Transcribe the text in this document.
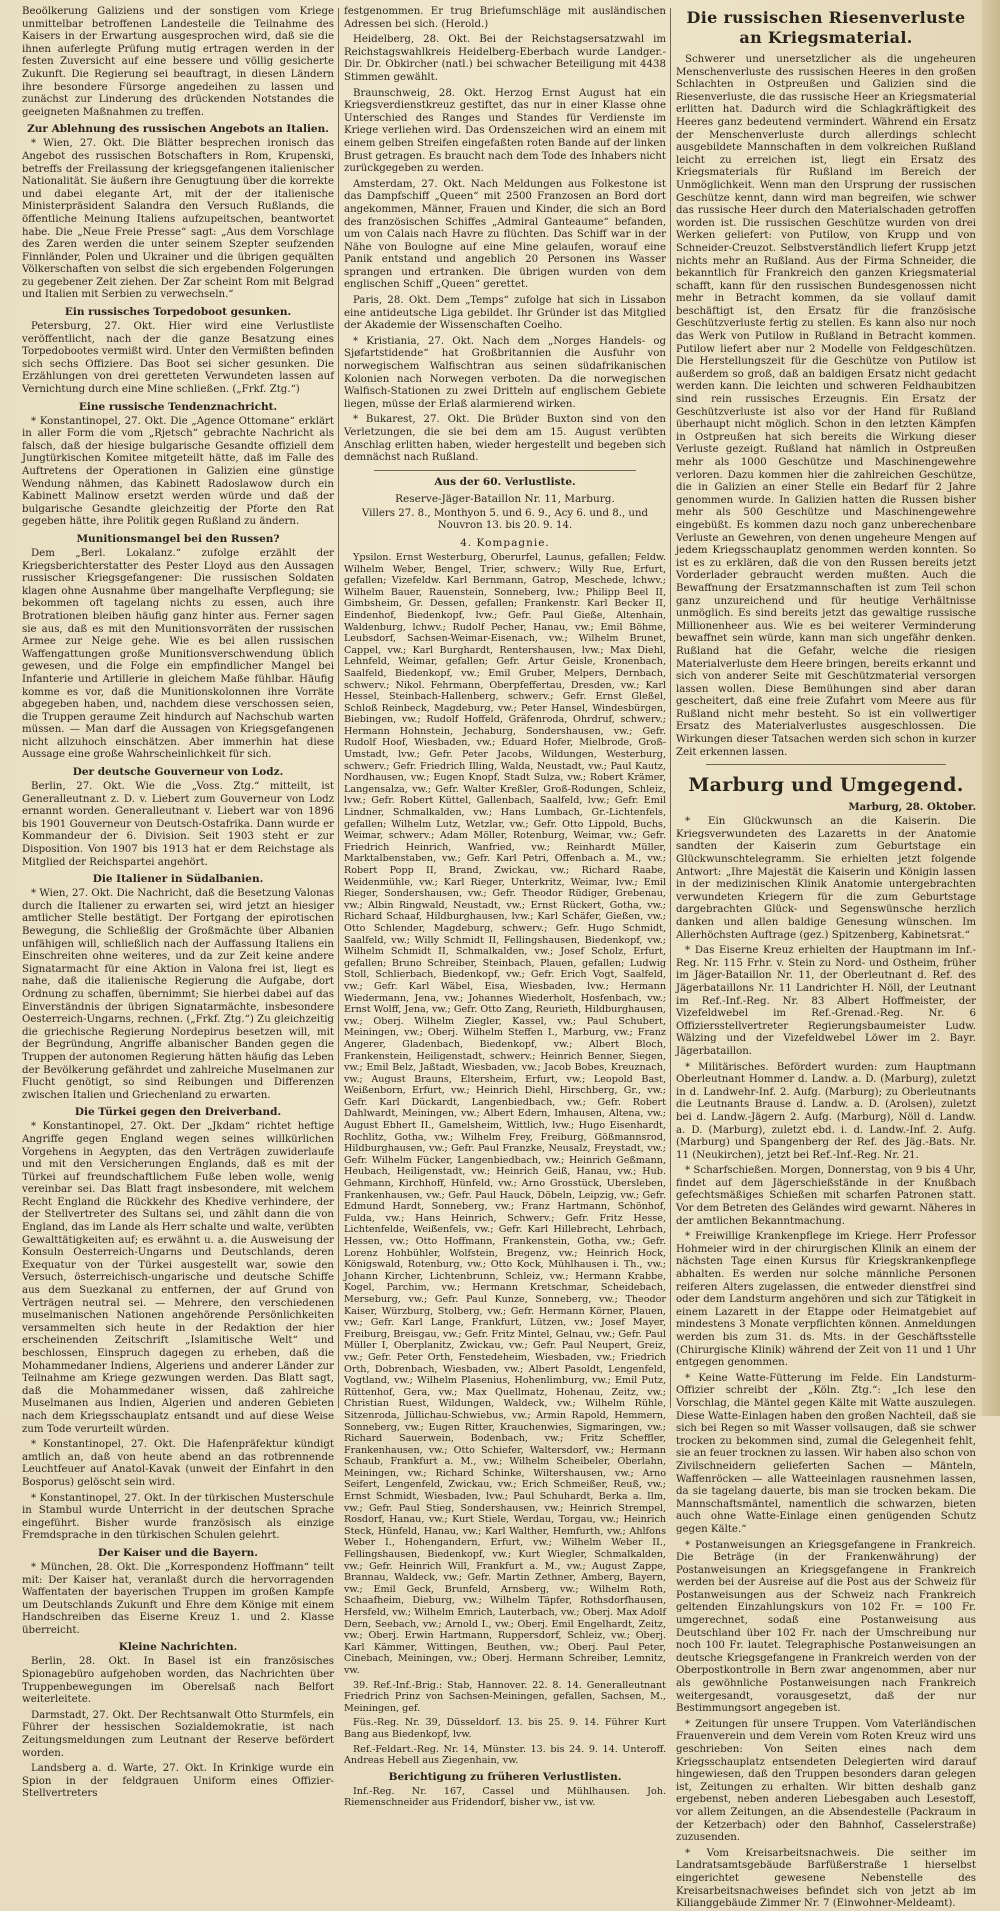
Beoölkerung Galiziens und der sonstigen vom Kriege unmittelbar betroffenen Landesteile die Teilnahme des Kaisers in der Erwartung ausgesprochen wird, daß sie die ihnen auferlegte Prüfung mutig ertragen werden in der festen Zuversicht auf eine bessere und völlig gesicherte Zukunft. Die Regierung sei beauftragt, in diesen Ländern ihre besondere Fürsorge angedeihen zu lassen und zunächst zur Linderung des drückenden Notstandes die geeigneten Maßnahmen zu treffen.

Zur Ablehnung des russischen Angebots an Italien.

* Wien, 27. Okt. Die Blätter besprechen ironisch das Angebot des russischen Botschafters in Rom, Krupenski, betreffs der Freilassung der kriegsgefangenen italienischer Nationalität. Sie äußern ihre Genugtuung über die korrekte und dabei elegante Art, mit der der italienische Ministerpräsident Salandra den Versuch Rußlands, die öffentliche Meinung Italiens aufzupeitschen, beantwortet habe. Die „Neue Freie Presse“ sagt: „Aus dem Vorschlage des Zaren werden die unter seinem Szepter seufzenden Finnländer, Polen und Ukrainer und die übrigen gequälten Völkerschaften von selbst die sich ergebenden Folgerungen zu gegebener Zeit ziehen. Der Zar scheint Rom mit Belgrad und Italien mit Serbien zu verwechseln.“

Ein russisches Torpedoboot gesunken.

Petersburg, 27. Okt. Hier wird eine Verlustliste veröffentlicht, nach der die ganze Besatzung eines Torpedobootes vermißt wird. Unter den Vermißten befinden sich sechs Offiziere. Das Boot sei sicher gesunken. Die Erzählungen von drei geretteten Verwundeten lassen auf Vernichtung durch eine Mine schließen. („Frkf. Ztg.“)

Eine russische Tendenznachricht.

* Konstantinopel, 27. Okt. Die „Agence Ottomane“ erklärt in aller Form die vom „Rjetsch“ gebrachte Nachricht als falsch, daß der hiesige bulgarische Gesandte offiziell dem Jungtürkischen Komitee mitgeteilt hätte, daß im Falle des Auftretens der Operationen in Galizien eine günstige Wendung nähmen, das Kabinett Radoslawow durch ein Kabinett Malinow ersetzt werden würde und daß der bulgarische Gesandte gleichzeitig der Pforte den Rat gegeben hätte, ihre Politik gegen Rußland zu ändern.

Munitionsmangel bei den Russen?

Dem „Berl. Lokalanz.“ zufolge erzählt der Kriegsberichterstatter des Pester Lloyd aus den Aussagen russischer Kriegsgefangener: Die russischen Soldaten klagen ohne Ausnahme über mangelhafte Verpflegung; sie bekommen oft tagelang nichts zu essen, auch ihre Brotrationen bleiben häufig ganz hinter aus. Ferner sagen sie aus, daß es mit den Munitionsvorräten der russischen Armee zur Neige gehe. Wie es bei allen russischen Waffengattungen große Munitionsverschwendung üblich gewesen, und die Folge ein empfindlicher Mangel bei Infanterie und Artillerie in gleichem Maße fühlbar. Häufig komme es vor, daß die Munitionskolonnen ihre Vorräte abgegeben haben, und, nachdem diese verschossen seien, die Truppen geraume Zeit hindurch auf Nachschub warten müssen. — Man darf die Aussagen von Kriegsgefangenen nicht allzuhoch einschätzen. Aber immerhin hat diese Aussage eine große Wahrscheinlichkeit für sich.

Der deutsche Gouverneur von Lodz.

Berlin, 27. Okt. Wie die „Voss. Ztg.“ mitteilt, ist Generalleutnant z. D. v. Liebert zum Gouverneur von Lodz ernannt worden. Generalleutnant v. Liebert war von 1896 bis 1901 Gouverneur von Deutsch-Ostafrika. Dann wurde er Kommandeur der 6. Division. Seit 1903 steht er zur Disposition. Von 1907 bis 1913 hat er dem Reichstage als Mitglied der Reichspartei angehört.

Die Italiener in Südalbanien.

* Wien, 27. Okt. Die Nachricht, daß die Besetzung Valonas durch die Italiener zu erwarten sei, wird jetzt an hiesiger amtlicher Stelle bestätigt. Der Fortgang der epirotischen Bewegung, die Schließlig der Großmächte über Albanien unfähigen will, schließlich nach der Auffassung Italiens ein Einschreiten ohne weiteres, und da zur Zeit keine andere Signatarmacht für eine Aktion in Valona frei ist, liegt es nahe, daß die italienische Regierung die Aufgabe, dort Ordnung zu schaffen, übernimmt; Sie hierbei dabei auf das Einverständnis der übrigen Signatarmächte, insbesondere Oesterreich-Ungarns, rechnen. („Frkf. Ztg.“) Zu gleichzeitig die griechische Regierung Nordepirus besetzen will, mit der Begründung, Angriffe albanischer Banden gegen die Truppen der autonomen Regierung hätten häufig das Leben der Bevölkerung gefährdet und zahlreiche Muselmanen zur Flucht genötigt, so sind Reibungen und Differenzen zwischen Italien und Griechenland zu erwarten.

Die Türkei gegen den Dreiverband.

* Konstantinopel, 27. Okt. Der „Jkdam“ richtet heftige Angriffe gegen England wegen seines willkürlichen Vorgehens in Aegypten, das den Verträgen zuwiderlaufe und mit den Versicherungen Englands, daß es mit der Türkei auf freundschaftlichem Fuße leben wolle, wenig vereinbar sei. Das Blatt fragt insbesondere, mit welchem Recht England die Rückkehr des Khedive verhindere, der der Stellvertreter des Sultans sei, und zählt dann die von England, das im Lande als Herr schalte und walte, verübten Gewalttätigkeiten auf; es erwähnt u. a. die Ausweisung der Konsuln Oesterreich-Ungarns und Deutschlands, deren Exequatur von der Türkei ausgestellt war, sowie den Versuch, österreichisch-ungarische und deutsche Schiffe aus dem Suezkanal zu entfernen, der auf Grund von Verträgen neutral sei. — Mehrere, den verschiedenen muselmanischen Nationen angehörende Persönlichkeiten versammelten sich heute in der Redaktion der hier erscheinenden Zeitschrift „Islamitische Welt“ und beschlossen, Einspruch dagegen zu erheben, daß die Mohammedaner Indiens, Algeriens und anderer Länder zur Teilnahme am Kriege gezwungen werden. Das Blatt sagt, daß die Mohammedaner wissen, daß zahlreiche Muselmanen aus Indien, Algerien und anderen Gebieten nach dem Kriegsschauplatz entsandt und auf diese Weise zum Tode verurteilt würden.

* Konstantinopel, 27. Okt. Die Hafenpräfektur kündigt amtlich an, daß von heute abend an das rotbrennende Leuchtfeuer auf Anatol-Kavak (unweit der Einfahrt in den Bosporus) gelöscht sein wird.

* Konstantinopel, 27. Okt. In der türkischen Musterschule in Stambul wurde Unterricht in der deutschen Sprache eingeführt. Bisher wurde französisch als einzige Fremdsprache in den türkischen Schulen gelehrt.

Der Kaiser und die Bayern.

* München, 28. Okt. Die „Korrespondenz Hoffmann“ teilt mit: Der Kaiser hat, veranlaßt durch die hervorragenden Waffentaten der bayerischen Truppen im großen Kampfe um Deutschlands Zukunft und Ehre dem Könige mit einem Handschreiben das Eiserne Kreuz 1. und 2. Klasse überreicht.

Kleine Nachrichten.

Berlin, 28. Okt. In Basel ist ein französisches Spionagebüro aufgehoben worden, das Nachrichten über Truppenbewegungen im Oberelsaß nach Belfort weiterleitete.

Darmstadt, 27. Okt. Der Rechtsanwalt Otto Sturmfels, ein Führer der hessischen Sozialdemokratie, ist nach Zeitungsmeldungen zum Leutnant der Reserve befördert worden.

Landsberg a. d. Warte, 27. Okt. In Krinkige wurde ein Spion in der feldgrauen Uniform eines Offizier-Stellvertreters

festgenommen. Er trug Briefumschläge mit ausländischen Adressen bei sich. (Herold.)

Heidelberg, 28. Okt. Bei der Reichstagsersatzwahl im Reichstagswahlkreis Heidelberg-Eberbach wurde Landger.-Dir. Dr. Obkircher (natl.) bei schwacher Beteiligung mit 4438 Stimmen gewählt.

Braunschweig, 28. Okt. Herzog Ernst August hat ein Kriegsverdienstkreuz gestiftet, das nur in einer Klasse ohne Unterschied des Ranges und Standes für Verdienste im Kriege verliehen wird. Das Ordenszeichen wird an einem mit einem gelben Streifen eingefaßten roten Bande auf der linken Brust getragen. Es braucht nach dem Tode des Inhabers nicht zurückgegeben zu werden.

Amsterdam, 27. Okt. Nach Meldungen aus Folkestone ist das Dampfschiff „Queen“ mit 2500 Franzosen an Bord dort angekommen, Männer, Frauen und Kinder, die sich an Bord des französischen Schiffes „Admiral Ganteaume“ befanden, um von Calais nach Havre zu flüchten. Das Schiff war in der Nähe von Boulogne auf eine Mine gelaufen, worauf eine Panik entstand und angeblich 20 Personen ins Wasser sprangen und ertranken. Die übrigen wurden von dem englischen Schiff „Queen“ gerettet.

Paris, 28. Okt. Dem „Temps“ zufolge hat sich in Lissabon eine antideutsche Liga gebildet. Ihr Gründer ist das Mitglied der Akademie der Wissenschaften Coelho.

* Kristiania, 27. Okt. Nach dem „Norges Handels- og Sjøfartstidende“ hat Großbritannien die Ausfuhr von norwegischem Walfischtran aus seinen südafrikanischen Kolonien nach Norwegen verboten. Da die norwegischen Walfisch-Stationen zu zwei Dritteln auf englischem Gebiete liegen, müsse der Erlaß alarmierend wirken.

* Bukarest, 27. Okt. Die Brüder Buxton sind von den Verletzungen, die sie bei dem am 15. August verübten Anschlag erlitten haben, wieder hergestellt und begeben sich demnächst nach Rußland.

Aus der 60. Verlustliste.
Reserve-Jäger-Bataillon Nr. 11, Marburg.

Villers 27. 8., Monthyon 5. und 6. 9., Acy 6. und 8., und Nouvron 13. bis 20. 9. 14.

4. Kompagnie.

Ypsilon. Ernst Westerburg, Oberurfel, Launus, gefallen; Feldw. Wilhelm Weber, Bengel, Trier, schwerv.; Willy Rue, Erfurt, gefallen; Vizefeldw. Karl Bernmann, Gatrop, Meschede, lchwv.; Wilhelm Bauer, Rauenstein, Sonneberg, lvw.; Philipp Beel II, Gimbsheim, Gr. Dessen, gefallen; Frankenstr. Karl Becker II, Eindenhof, Biedenkopf, lvw.; Gefr. Paul Gieße, Altenhain, Waldenburg, lchwv.; Rudolf Pecher, Hanau, vw.; Emil Böhme, Leubsdorf, Sachsen-Weimar-Eisenach, vw.; Wilhelm Brunet, Cappel, vw.; Karl Burghardt, Rentershausen, lvw.; Max Diehl, Lehnfeld, Weimar, gefallen; Gefr. Artur Geisle, Kronenbach, Saalfeld, Biedenkopf, vw.; Emil Gruber, Melpers, Dernbach, schwerv.; Nikol. Fehrmann, Oberpfeffertau, Dresden, vw.; Karl Hessel, Steinbach-Hallenberg, schwerv.; Gefr. Ernst Gleßel, Schloß Reinbeck, Magdeburg, vw.; Peter Hansel, Windesbürgen, Biebingen, vw.; Rudolf Hoffeld, Gräfenroda, Ohrdruf, schwerv.; Hermann Hohnstein, Jechaburg, Sondershausen, vw.; Gefr. Rudolf Hoof, Wiesbaden, vw.; Eduard Hofer, Mielbrode, Groß-Umstadt, lvw.; Gefr. Peter Jacobs, Wildungen, Westerburg, schwerv.; Gefr. Friedrich Illing, Walda, Neustadt, vw.; Paul Kautz, Nordhausen, vw.; Eugen Knopf, Stadt Sulza, vw.; Robert Krämer, Langensalza, vw.; Gefr. Walter Kreßler, Groß-Rodungen, Schleiz, lvw.; Gefr. Robert Küttel, Gallenbach, Saalfeld, lvw.; Gefr. Emil Lindner, Schmalkalden, vw.; Hans Lumbach, Gr.-Lichtenfels, gefallen; Wilhelm Lutz, Wetzlar, vw.; Gefr. Otto Lippold, Buchs, Weimar, schwerv.; Adam Möller, Rotenburg, Weimar, vw.; Gefr. Friedrich Heinrich, Wanfried, vw.; Reinhardt Müller, Marktalbenstaben, vw.; Gefr. Karl Petri, Offenbach a. M., vw.; Robert Popp II, Brand, Zwickau, vw.; Richard Raabe, Weidenmühle, vw.; Karl Rieger, Unterkritz, Weimar, lvw.; Emil Rieger, Sondershausen, vw.; Gefr. Theodor Rüdiger, Grebenau, vw.; Albin Ringwald, Neustadt, vw.; Ernst Rückert, Gotha, vw.; Richard Schaaf, Hildburghausen, lvw.; Karl Schäfer, Gießen, vw.; Otto Schlender, Magdeburg, schwerv.; Gefr. Hugo Schmidt, Saalfeld, vw.; Willy Schmidt II, Fellingshausen, Biedenkopf, vw.; Wilhelm Schmidt II, Schmalkalden, vw.; Josef Scholz, Erfurt, gefallen; Bruno Schreiber, Steinbach, Plauen, gefallen; Ludwig Stoll, Schlierbach, Biedenkopf, vw.; Gefr. Erich Vogt, Saalfeld, vw.; Gefr. Karl Wäbel, Eisa, Wiesbaden, lvw.; Hermann Wiedermann, Jena, vw.; Johannes Wiederholt, Hosfenbach, vw.; Ernst Wolff, Jena, vw.; Gefr. Otto Zang, Reurieth, Hildburghausen, vw.; Oberj. Wilhelm Ziegler, Kassel, vw.; Paul Schubert, Meiningen, vw.; Oberj. Wilhelm Steffen I., Marburg, vw.; Franz Angerer, Gladenbach, Biedenkopf, vw.; Albert Bloch, Frankenstein, Heiligenstadt, schwerv.; Heinrich Benner, Siegen, vw.; Emil Belz, Jaßtadt, Wiesbaden, vw.; Jacob Bobes, Kreuznach, vw.; August Brauns, Eltersheim, Erfurt, vw.; Leopold Bast, Weißenborn, Erfurt, vw.; Heinrich Diehl, Hirschberg, Gr., vw.; Gefr. Karl Dückardt, Langenbiedbach, vw.; Gefr. Robert Dahlwardt, Meiningen, vw.; Albert Edern, Imhausen, Altena, vw.; August Ebhert II., Gamelsheim, Wittlich, lvw.; Hugo Eisenhardt, Rochlitz, Gotha, vw.; Wilhelm Frey, Freiburg, Gößmannsrod, Hildburghausen, vw.; Gefr. Paul Franzke, Neusalz, Freystadt, vw.; Gefr. Wilhelm Fücker, Langenbiedbach, vw.; Heinrich Geßmann, Heubach, Heiligenstadt, vw.; Heinrich Geiß, Hanau, vw.; Hub. Gehmann, Kirchhoff, Hünfeld, vw.; Arno Grosstück, Ubersleben, Frankenhausen, vw.; Gefr. Paul Hauck, Döbeln, Leipzig, vw.; Gefr. Edmund Hardt, Sonneberg, vw.; Franz Hartmann, Schönhof, Fulda, vw.; Hans Heinrich, Schwerv.; Gefr. Fritz Hesse, Lichtenfelde, Weißenfels, vw.; Gefr. Karl Hillebrecht, Lehrbach, Hessen, vw.; Otto Hoffmann, Frankenstein, Gotha, vw.; Gefr. Lorenz Hohbühler, Wolfstein, Bregenz, vw.; Heinrich Hock, Königswald, Rotenburg, vw.; Otto Kock, Mühlhausen i. Th., vw.; Johann Kircher, Lichtenbrunn, Schleiz, vw.; Hermann Krabbe, Kogel, Parchim, vw.; Hermann Kretschmar, Scheidebach, Merseburg, vw.; Gefr. Paul Kunze, Sonneberg, vw.; Theodor Kaiser, Würzburg, Stolberg, vw.; Gefr. Hermann Körner, Plauen, vw.; Gefr. Karl Lange, Frankfurt, Lützen, vw.; Josef Mayer, Freiburg, Breisgau, vw.; Gefr. Fritz Mintel, Gelnau, vw.; Gefr. Paul Müller I, Oberplanitz, Zwickau, vw.; Gefr. Paul Neupert, Greiz, vw.; Gefr. Peter Orth, Fenstedeheim, Wiesbaden, vw.; Friedrich Orth, Dobrenbach, Wiesbaden, vw.; Albert Pasoldt, Lengenfeld, Vogtland, vw.; Wilhelm Plasenius, Hohenlimburg, vw.; Emil Putz, Rüttenhof, Gera, vw.; Max Quellmatz, Hohenau, Zeitz, vw.; Christian Ruest, Wildungen, Waldeck, vw.; Wilhelm Rühle, Sitzenroda, Jüllichau-Schwiebus, vw.; Armin Rapold, Hemmern, Sonneberg, vw.; Eugen Ritter, Krauchenwies, Sigmaringen, vw.; Richard Sauerwein, Bodenbach, vw.; Fritz Scheffler, Frankenhausen, vw.; Otto Schiefer, Waltersdorf, vw.; Hermann Schaub, Frankfurt a. M., vw.; Wilhelm Scheibeler, Oberlahn, Meiningen, vw.; Richard Schinke, Wiltershausen, vw.; Arno Seifert, Lengenfeld, Zwickau, vw.; Erich Schmeißer, Reuß, vw.; Ernst Schmidt, Wiesbaden, lvw.; Paul Schuhardt, Berka a. Ilm, vw.; Gefr. Paul Stieg, Sondershausen, vw.; Heinrich Strempel, Rosdorf, Hanau, vw.; Kurt Stiele, Werdau, Torgau, vw.; Heinrich Steck, Hünfeld, Hanau, vw.; Karl Walther, Hemfurth, vw.; Ahlfons Weber I., Hohengandern, Erfurt, vw.; Wilhelm Weber II., Fellingshausen, Biedenkopf, vw.; Kurt Wiegler, Schmalkalden, vw.; Gefr. Heinrich Will, Frankfurt a. M., vw.; August Zappe, Brannau, Waldeck, vw.; Gefr. Martin Zethner, Amberg, Bayern, vw.; Emil Geck, Brunfeld, Arnsberg, vw.; Wilhelm Roth, Schaafheim, Dieburg, vw.; Wilhelm Täpfer, Rothsdorfhausen, Hersfeld, vw.; Wilhelm Emrich, Lauterbach, vw.; Oberj. Max Adolf Dern, Seebach, vw.; Arnold I., vw.; Oberj. Emil Engelhardt, Zeitz, vw.; Oberj. Erwin Hartmann, Ruppersdorf, Schleiz, vw.; Oberj. Karl Kämmer, Wittingen, Beuthen, vw.; Oberj. Paul Peter, Cinebach, Meiningen, vw.; Oberj. Hermann Schreiber, Lemnitz, vw.

39. Ref.-Inf.-Brig.: Stab, Hannover. 22. 8. 14. Generalleutnant Friedrich Prinz von Sachsen-Meiningen, gefallen, Sachsen, M., Meiningen, gef.

Füs.-Reg. Nr. 39, Düsseldorf. 13. bis 25. 9. 14. Führer Kurt Bang aus Biedenkopf, lvw.

Ref.-Feldart.-Reg. Nr. 14, Münster. 13. bis 24. 9. 14. Unteroff. Andreas Hebell aus Ziegenhain, vw.

Berichtigung zu früheren Verlustlisten.

Inf.-Reg. Nr. 167, Cassel und Mühlhausen. Joh. Riemenschneider aus Fridendorf, bisher vw., ist vw.

Die russischen Riesenverluste an Kriegsmaterial.

Schwerer und unersetzlicher als die ungeheuren Menschenverluste des russischen Heeres in den großen Schlachten in Ostpreußen und Galizien sind die Riesenverluste, die das russische Heer an Kriegsmaterial erlitten hat. Dadurch wird die Schlagkräftigkeit des Heeres ganz bedeutend vermindert. Während ein Ersatz der Menschenverluste durch allerdings schlecht ausgebildete Mannschaften in dem volkreichen Rußland leicht zu erreichen ist, liegt ein Ersatz des Kriegsmaterials für Rußland im Bereich der Unmöglichkeit. Wenn man den Ursprung der russischen Geschütze kennt, dann wird man begreifen, wie schwer das russische Heer durch den Materialschaden getroffen worden ist. Die russischen Geschütze wurden von drei Werken geliefert: von Putilow, von Krupp und von Schneider-Creuzot. Selbstverständlich liefert Krupp jetzt nichts mehr an Rußland. Aus der Firma Schneider, die bekanntlich für Frankreich den ganzen Kriegsmaterial schafft, kann für den russischen Bundesgenossen nicht mehr in Betracht kommen, da sie vollauf damit beschäftigt ist, den Ersatz für die französische Geschützverluste fertig zu stellen. Es kann also nur noch das Werk von Putilow in Rußland in Betracht kommen. Putilow liefert aber nur 2 Modelle von Feldgeschützen. Die Herstellungszeit für die Geschütze von Putilow ist außerdem so groß, daß an baldigen Ersatz nicht gedacht werden kann. Die leichten und schweren Feldhaubitzen sind rein russisches Erzeugnis. Ein Ersatz der Geschützverluste ist also vor der Hand für Rußland überhaupt nicht möglich. Schon in den letzten Kämpfen in Ostpreußen hat sich bereits die Wirkung dieser Verluste gezeigt. Rußland hat nämlich in Ostpreußen mehr als 1000 Geschütze und Maschinengewehre verloren. Dazu kommen hier die zahlreichen Geschütze, die in Galizien an einer Stelle ein Bedarf für 2 Jahre genommen wurde. In Galizien hatten die Russen bisher mehr als 500 Geschütze und Maschinengewehre eingebüßt. Es kommen dazu noch ganz unberechenbare Verluste an Gewehren, von denen ungeheure Mengen auf jedem Kriegsschauplatz genommen werden konnten. So ist es zu erklären, daß die von den Russen bereits jetzt Vorderlader gebraucht werden mußten. Auch die Bewaffnung der Ersatzmannschaften ist zum Teil schon ganz unzureichend und für heutige Verhältnisse unmöglich. Es sind bereits jetzt das gewaltige russische Millionenheer aus. Wie es bei weiterer Verminderung bewaffnet sein würde, kann man sich ungefähr denken. Rußland hat die Gefahr, welche die riesigen Materialverluste dem Heere bringen, bereits erkannt und sich von anderer Seite mit Geschützmaterial versorgen lassen wollen. Diese Bemühungen sind aber daran gescheitert, daß eine freie Zufahrt vom Meere aus für Rußland nicht mehr besteht. So ist ein vollwertiger Ersatz des Materialverlustes ausgeschlossen. Die Wirkungen dieser Tatsachen werden sich schon in kurzer Zeit erkennen lassen.

Marburg und Umgegend.
Marburg, 28. Oktober.

* Ein Glückwunsch an die Kaiserin. Die Kriegsverwundeten des Lazaretts in der Anatomie sandten der Kaiserin zum Geburtstage ein Glückwunschtelegramm. Sie erhielten jetzt folgende Antwort: „Ihre Majestät die Kaiserin und Königin lassen in der medizinischen Klinik Anatomie untergebrachten verwundeten Kriegern für die zum Geburtstage dargebrachten Glück- und Segenswünsche herzlich danken und allen baldige Genesung wünschen. Im Allerhöchsten Auftrage (gez.) Spitzenberg, Kabinetsrat.“

* Das Eiserne Kreuz erhielten der Hauptmann im Inf.-Reg. Nr. 115 Frhr. v. Stein zu Nord- und Ostheim, früher im Jäger-Bataillon Nr. 11, der Oberleutnant d. Ref. des Jägerbataillons Nr. 11 Landrichter H. Nöll, der Leutnant im Ref.-Inf.-Reg. Nr. 83 Albert Hoffmeister, der Vizefeldwebel im Ref.-Grenad.-Reg. Nr. 6 Offiziersstellvertreter Regierungsbaumeister Ludw. Wälzing und der Vizefeldwebel Löwer im 2. Bayr. Jägerbataillon.

* Militärisches. Befördert wurden: zum Hauptmann Oberleutnant Hommer d. Landw. a. D. (Marburg), zuletzt in d. Landwehr-Inf. 2. Aufg. (Marburg); zu Oberleutnants die Leutnants Brause d. Landw. a. D. (Arolsen), zuletzt bei d. Landw.-Jägern 2. Aufg. (Marburg), Nöll d. Landw. a. D. (Marburg), zuletzt ebd. i. d. Landw.-Inf. 2. Aufg. (Marburg) und Spangenberg der Ref. des Jäg.-Bats. Nr. 11 (Neukirchen), jetzt bei Ref.-Inf.-Reg. Nr. 21.

* Scharfschießen. Morgen, Donnerstag, von 9 bis 4 Uhr, findet auf dem Jägerschießstände in der Knußbach gefechtsmäßiges Schießen mit scharfen Patronen statt. Vor dem Betreten des Geländes wird gewarnt. Näheres in der amtlichen Bekanntmachung.

* Freiwillige Krankenpflege im Kriege. Herr Professor Hohmeier wird in der chirurgischen Klinik an einem der nächsten Tage einen Kursus für Kriegskrankenpflege abhalten. Es werden nur solche männliche Personen reiferen Alters zugelassen, die entweder dienstfrei sind oder dem Landsturm angehören und sich zur Tätigkeit in einem Lazarett in der Etappe oder Heimatgebiet auf mindestens 3 Monate verpflichten können. Anmeldungen werden bis zum 31. ds. Mts. in der Geschäftsstelle (Chirurgische Klinik) während der Zeit von 11 und 1 Uhr entgegen genommen.

* Keine Watte-Fütterung im Felde. Ein Landsturm-Offizier schreibt der „Köln. Ztg.“: „Ich lese den Vorschlag, die Mäntel gegen Kälte mit Watte auszulegen. Diese Watte-Einlagen haben den großen Nachteil, daß sie sich bei Regen so mit Wasser vollsaugen, daß sie schwer trocken zu bekommen sind, zumal die Gelegenheit fehlt, sie an feuer trocknen zu lassen. Wir haben also schon von Zivilschneidern gelieferten Sachen — Mänteln, Waffenröcken — alle Watteeinlagen rausnehmen lassen, da sie tagelang dauerte, bis man sie trocken bekam. Die Mannschaftsmäntel, namentlich die schwarzen, bieten auch ohne Watte-Einlage einen genügenden Schutz gegen Kälte.“

* Postanweisungen an Kriegsgefangene in Frankreich. Die Beträge (in der Frankenwährung) der Postanweisungen an Kriegsgefangene in Frankreich werden bei der Ausreise auf die Post aus der Schweiz für Postanweisungen aus der Schweiz nach Frankreich geltenden Einzahlungskurs von 102 Fr. = 100 Fr. umgerechnet, sodaß eine Postanweisung aus Deutschland über 102 Fr. nach der Umschreibung nur noch 100 Fr. lautet. Telegraphische Postanweisungen an deutsche Kriegsgefangene in Frankreich werden von der Oberpostkontrolle in Bern zwar angenommen, aber nur als gewöhnliche Postanweisungen nach Frankreich weitergesandt, vorausgesetzt, daß der nur Bestimmungsort angegeben ist.

* Zeitungen für unsere Truppen. Vom Vaterländischen Frauenverein und dem Verein vom Roten Kreuz wird uns geschrieben: Von Seiten eines nach dem Kriegsschauplatz entsendeten Delegierten wird darauf hingewiesen, daß den Truppen besonders daran gelegen ist, Zeitungen zu erhalten. Wir bitten deshalb ganz ergebenst, neben anderen Liebesgaben auch Lesestoff, vor allem Zeitungen, an die Absendestelle (Packraum in der Ketzerbach) oder den Bahnhof, Casselerstraße) zuzusenden.

* Vom Kreisarbeitsnachweis. Die seither im Landratsamtsgebäude Barfüßerstraße 1 hierselbst eingerichtet gewesene Nebenstelle des Kreisarbeitsnachweises befindet sich von jetzt ab im Kilianggebäude Zimmer Nr. 7 (Einwohner-Meldeamt).
